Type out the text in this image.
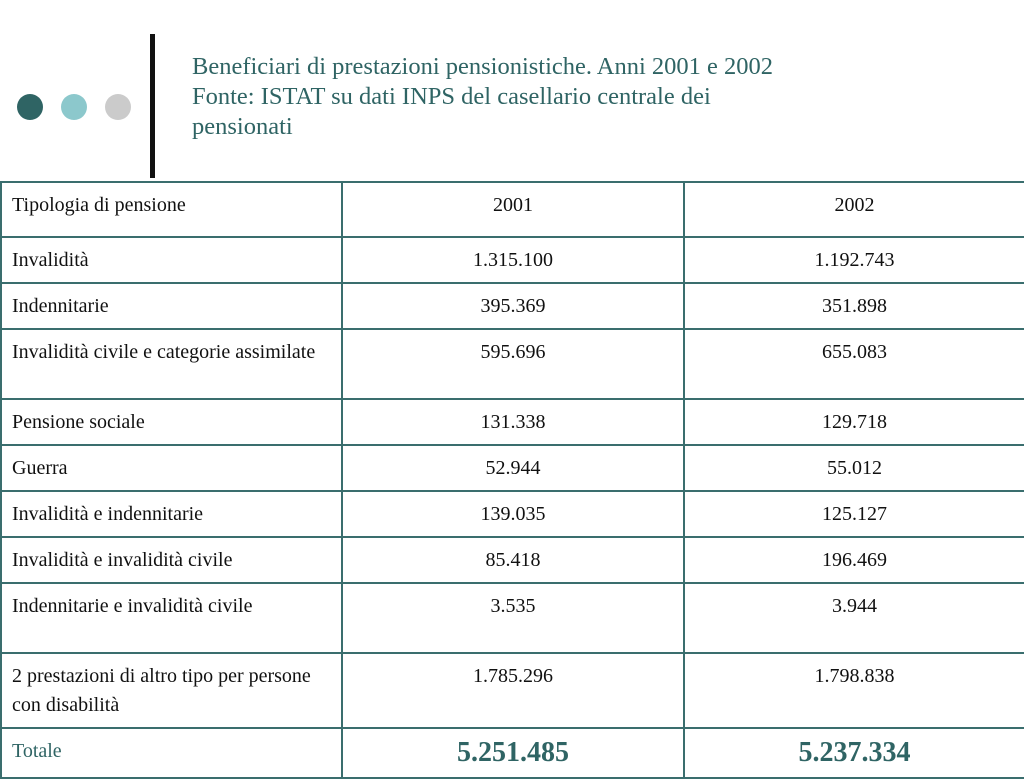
Beneficiari di prestazioni pensionistiche. Anni 2001 e 2002
Fonte: ISTAT su dati INPS del casellario centrale dei
pensionati
Tipologia di pensione	2001	2002
Invalidità	1.315.100	1.192.743
Indennitarie	395.369	351.898
Invalidità civile e categorie assimilate	595.696	655.083
Pensione sociale	131.338	129.718
Guerra	52.944	55.012
Invalidità e indennitarie	139.035	125.127
Invalidità e invalidità civile	85.418	196.469
Indennitarie e invalidità civile	3.535	3.944
2 prestazioni di altro tipo per persone con disabilità	1.785.296	1.798.838
Totale	5.251.485	5.237.334
